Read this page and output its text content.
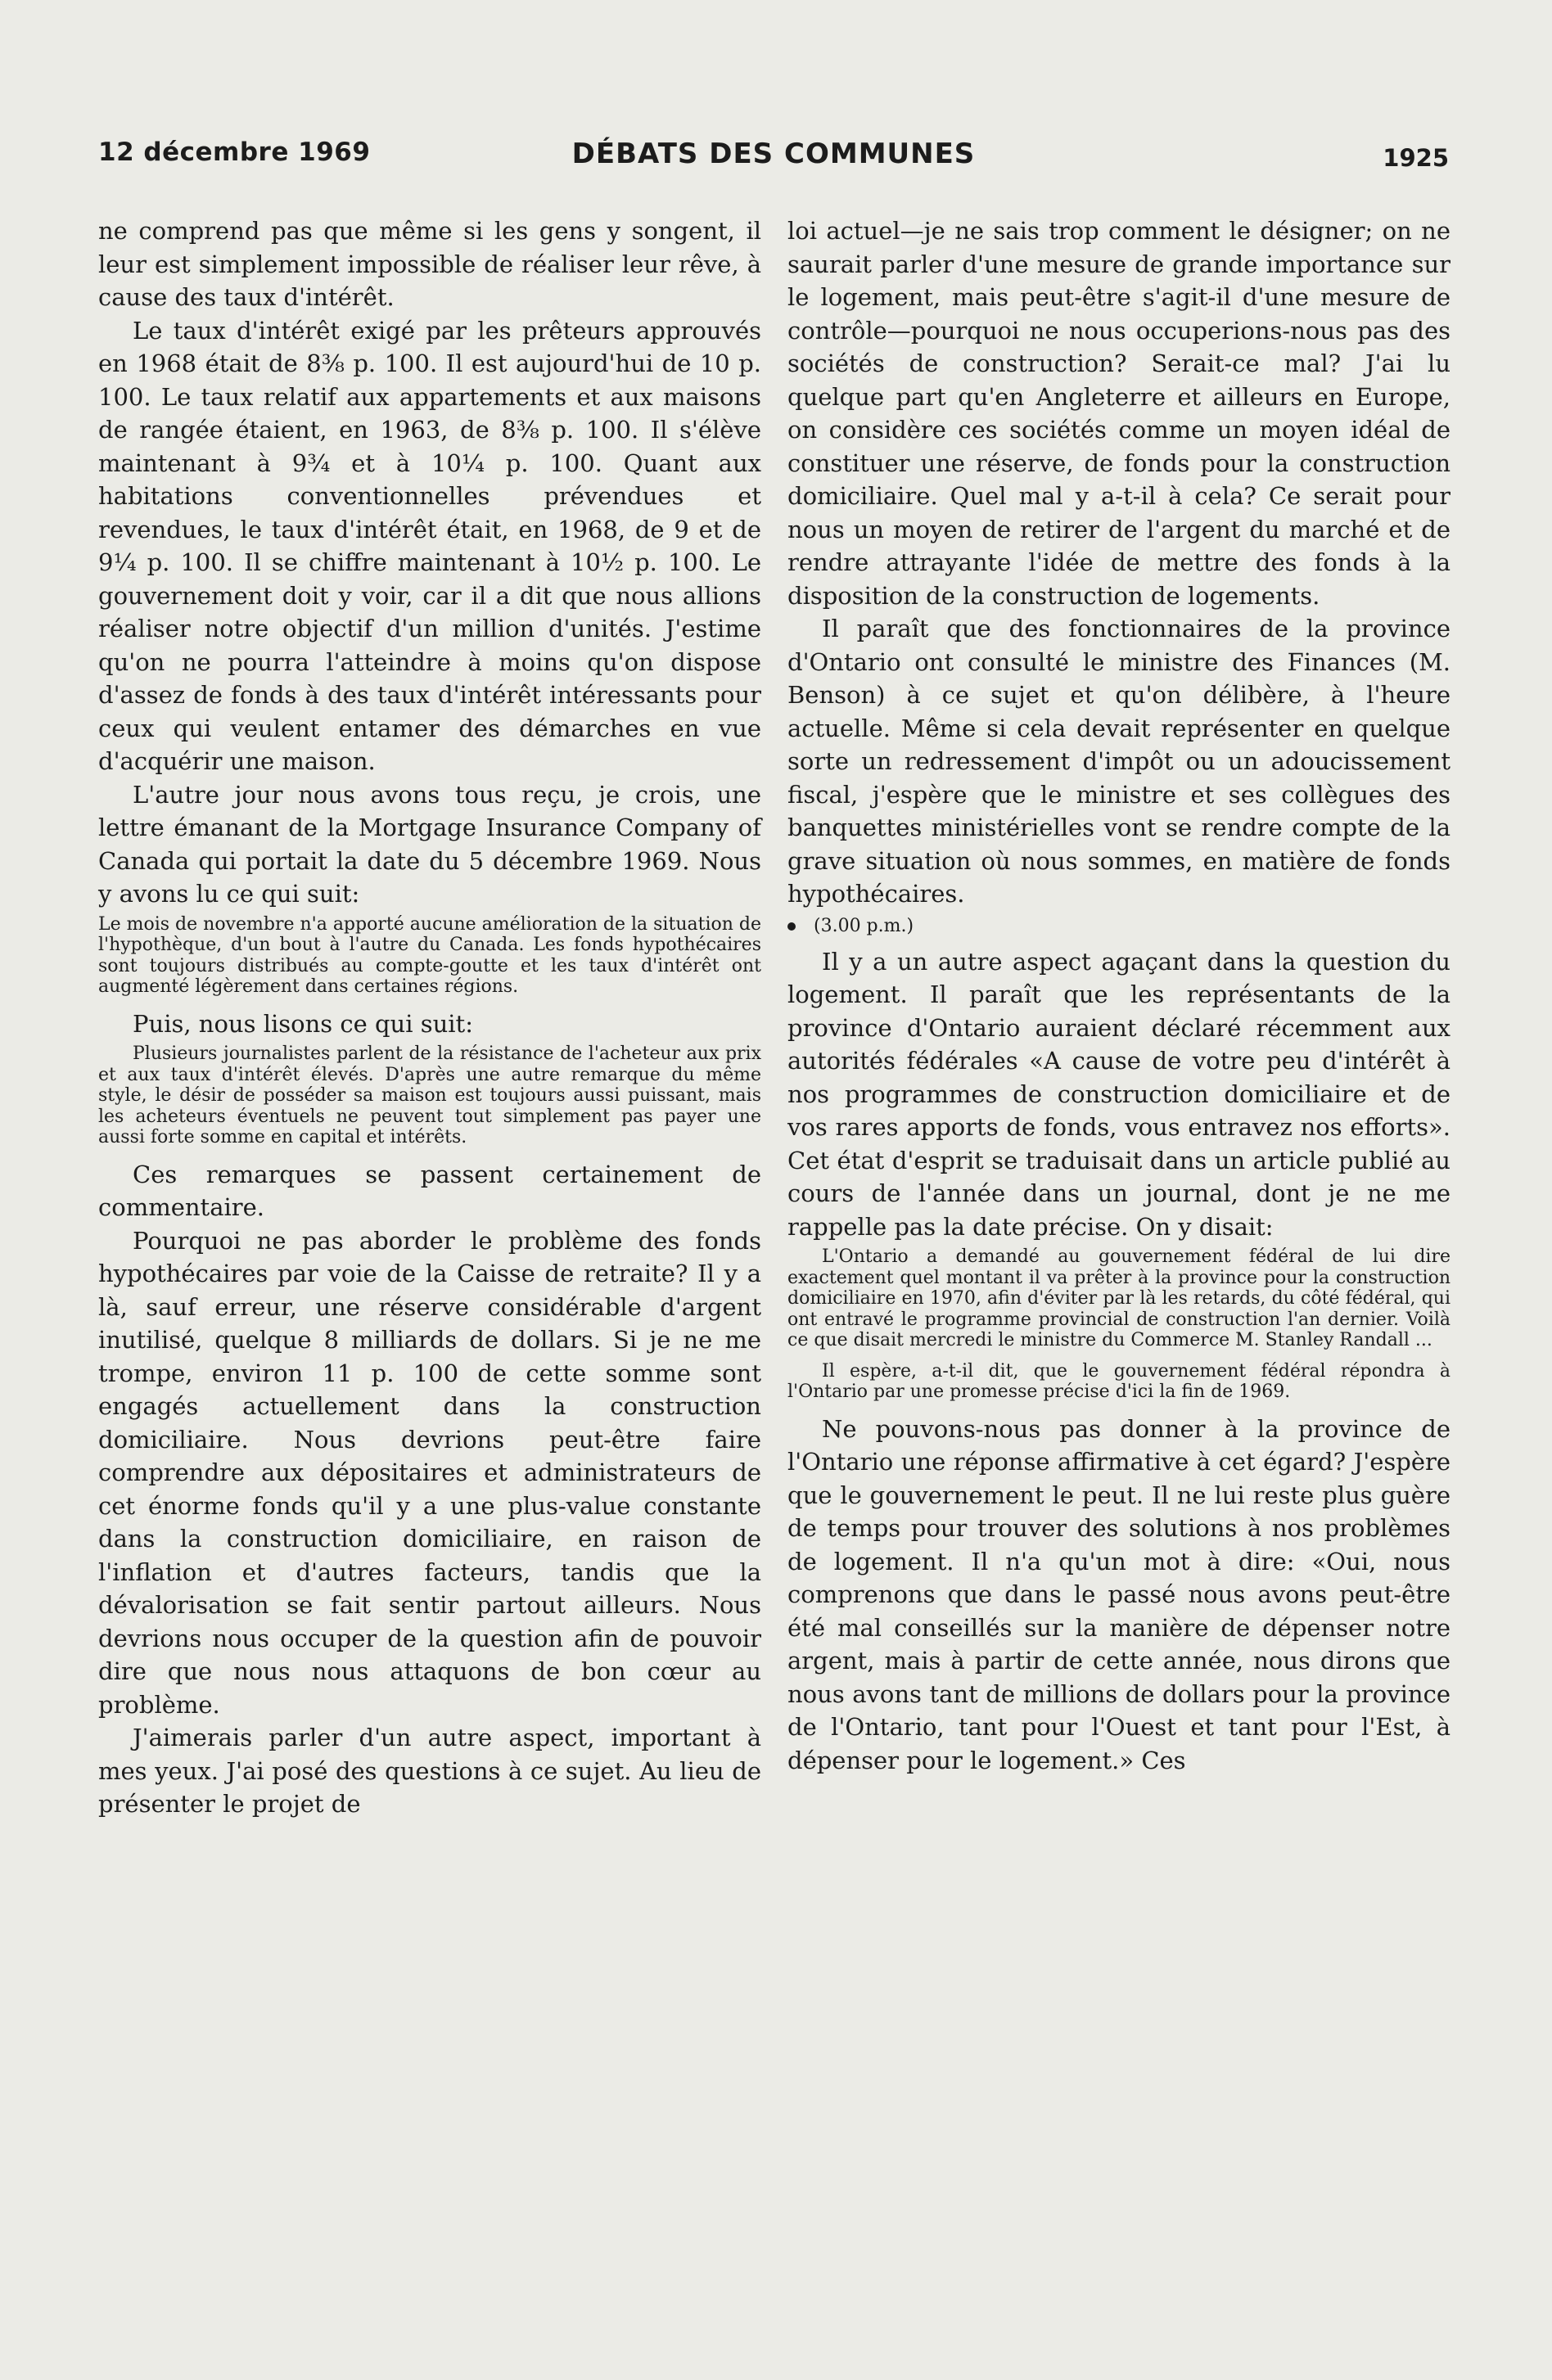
12 décembre 1969	DÉBATS DES COMMUNES	1925

ne comprend pas que même si les gens y songent, il leur est simplement impossible de réaliser leur rêve, à cause des taux d'intérêt.

Le taux d'intérêt exigé par les prêteurs approuvés en 1968 était de 8⅜ p. 100. Il est aujourd'hui de 10 p. 100. Le taux relatif aux appartements et aux maisons de rangée étaient, en 1963, de 8⅜ p. 100. Il s'élève maintenant à 9¾ et à 10¼ p. 100. Quant aux habitations conventionnelles prévendues et revendues, le taux d'intérêt était, en 1968, de 9 et de 9¼ p. 100. Il se chiffre maintenant à 10½ p. 100. Le gouvernement doit y voir, car il a dit que nous allions réaliser notre objectif d'un million d'unités. J'estime qu'on ne pourra l'atteindre à moins qu'on dispose d'assez de fonds à des taux d'intérêt intéressants pour ceux qui veulent entamer des démarches en vue d'acquérir une maison.

L'autre jour nous avons tous reçu, je crois, une lettre émanant de la Mortgage Insurance Company of Canada qui portait la date du 5 décembre 1969. Nous y avons lu ce qui suit:

Le mois de novembre n'a apporté aucune amélioration de la situation de l'hypothèque, d'un bout à l'autre du Canada. Les fonds hypothécaires sont toujours distribués au compte-goutte et les taux d'intérêt ont augmenté légèrement dans certaines régions.

Puis, nous lisons ce qui suit:

Plusieurs journalistes parlent de la résistance de l'acheteur aux prix et aux taux d'intérêt élevés. D'après une autre remarque du même style, le désir de posséder sa maison est toujours aussi puissant, mais les acheteurs éventuels ne peuvent tout simplement pas payer une aussi forte somme en capital et intérêts.

Ces remarques se passent certainement de commentaire.

Pourquoi ne pas aborder le problème des fonds hypothécaires par voie de la Caisse de retraite? Il y a là, sauf erreur, une réserve considérable d'argent inutilisé, quelque 8 milliards de dollars. Si je ne me trompe, environ 11 p. 100 de cette somme sont engagés actuellement dans la construction domiciliaire. Nous devrions peut-être faire comprendre aux dépositaires et administrateurs de cet énorme fonds qu'il y a une plus-value constante dans la construction domiciliaire, en raison de l'inflation et d'autres facteurs, tandis que la dévalorisation se fait sentir partout ailleurs. Nous devrions nous occuper de la question afin de pouvoir dire que nous nous attaquons de bon cœur au problème.

J'aimerais parler d'un autre aspect, important à mes yeux. J'ai posé des questions à ce sujet. Au lieu de présenter le projet de

loi actuel—je ne sais trop comment le désigner; on ne saurait parler d'une mesure de grande importance sur le logement, mais peut-être s'agit-il d'une mesure de contrôle—pourquoi ne nous occuperions-nous pas des sociétés de construction? Serait-ce mal? J'ai lu quelque part qu'en Angleterre et ailleurs en Europe, on considère ces sociétés comme un moyen idéal de constituer une réserve, de fonds pour la construction domiciliaire. Quel mal y a-t-il à cela? Ce serait pour nous un moyen de retirer de l'argent du marché et de rendre attrayante l'idée de mettre des fonds à la disposition de la construction de logements.

Il paraît que des fonctionnaires de la province d'Ontario ont consulté le ministre des Finances (M. Benson) à ce sujet et qu'on délibère, à l'heure actuelle. Même si cela devait représenter en quelque sorte un redressement d'impôt ou un adoucissement fiscal, j'espère que le ministre et ses collègues des banquettes ministérielles vont se rendre compte de la grave situation où nous sommes, en matière de fonds hypothécaires.

(3.00 p.m.)

Il y a un autre aspect agaçant dans la question du logement. Il paraît que les représentants de la province d'Ontario auraient déclaré récemment aux autorités fédérales «A cause de votre peu d'intérêt à nos programmes de construction domiciliaire et de vos rares apports de fonds, vous entravez nos efforts». Cet état d'esprit se traduisait dans un article publié au cours de l'année dans un journal, dont je ne me rappelle pas la date précise. On y disait:

L'Ontario a demandé au gouvernement fédéral de lui dire exactement quel montant il va prêter à la province pour la construction domiciliaire en 1970, afin d'éviter par là les retards, du côté fédéral, qui ont entravé le programme provincial de construction l'an dernier. Voilà ce que disait mercredi le ministre du Commerce M. Stanley Randall ...

Il espère, a-t-il dit, que le gouvernement fédéral répondra à l'Ontario par une promesse précise d'ici la fin de 1969.

Ne pouvons-nous pas donner à la province de l'Ontario une réponse affirmative à cet égard? J'espère que le gouvernement le peut. Il ne lui reste plus guère de temps pour trouver des solutions à nos problèmes de logement. Il n'a qu'un mot à dire: «Oui, nous comprenons que dans le passé nous avons peut-être été mal conseillés sur la manière de dépenser notre argent, mais à partir de cette année, nous dirons que nous avons tant de millions de dollars pour la province de l'Ontario, tant pour l'Ouest et tant pour l'Est, à dépenser pour le logement.» Ces
